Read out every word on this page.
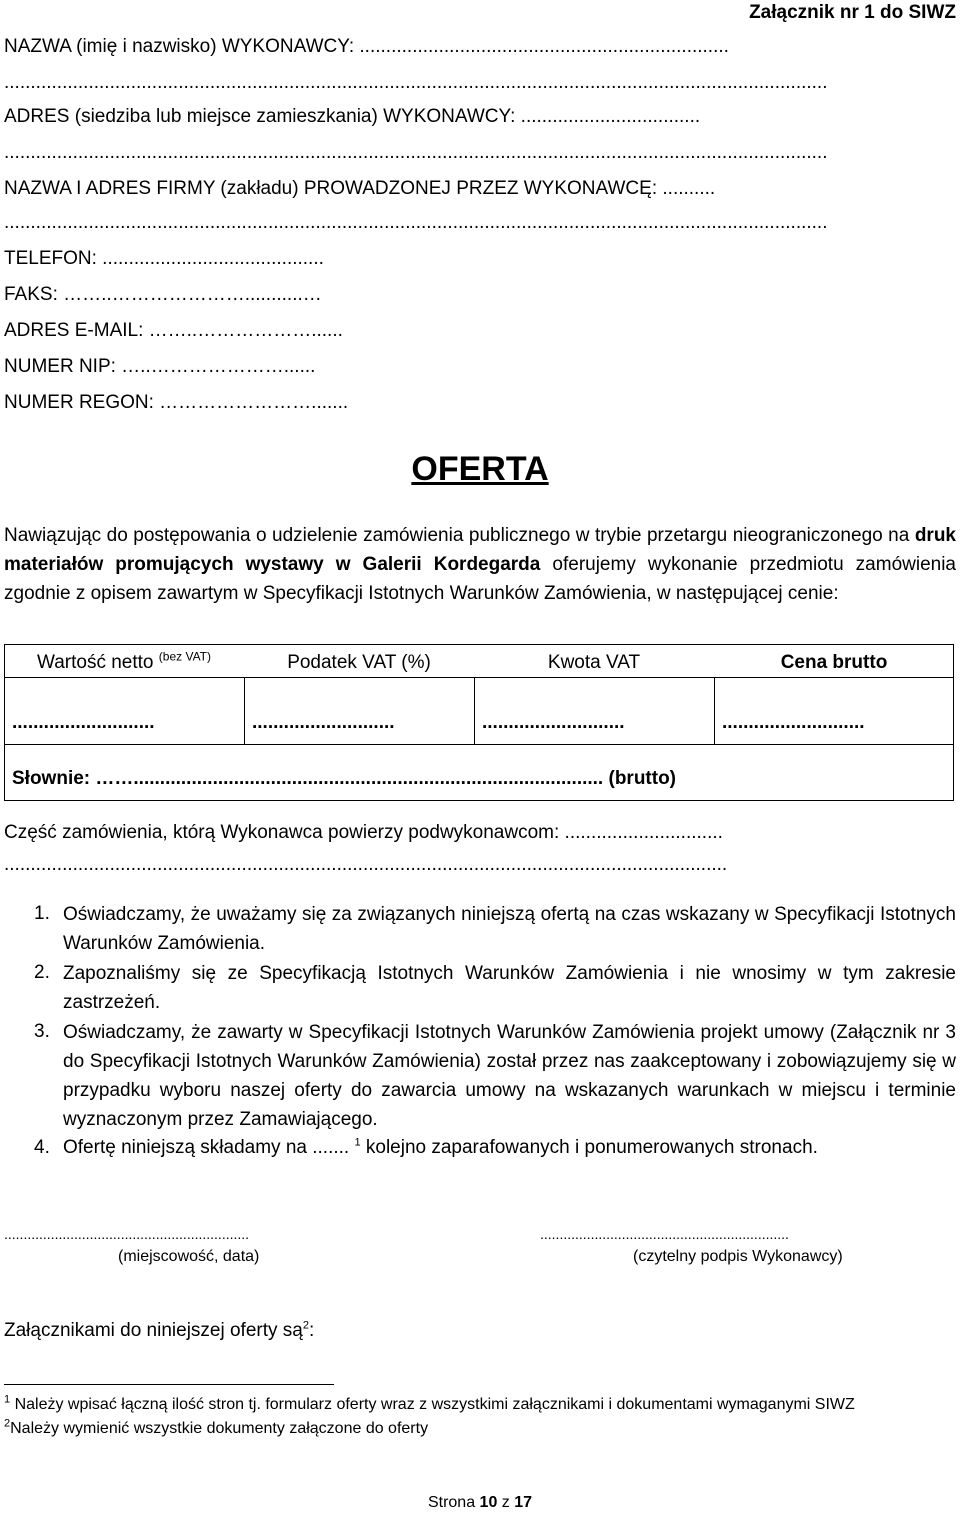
Załącznik nr 1 do SIWZ
NAZWA (imię i nazwisko) WYKONAWCY: ......................................................................
............................................................................................................................................................
ADRES (siedziba lub miejsce zamieszkania) WYKONAWCY: ..................................
............................................................................................................................................................
NAZWA I ADRES FIRMY (zakładu) PROWADZONEJ PRZEZ WYKONAWCĘ: ..........
............................................................................................................................................................
TELEFON: ..........................................
FAKS: ……..…………………...........…
ADRES E-MAIL: ……..………………......
NUMER NIP: …..…………………......
NUMER REGON: …………………….......
OFERTA
Nawiązując do postępowania o udzielenie zamówienia publicznego w trybie przetargu nieograniczonego na druk materiałów promujących wystawy w Galerii Kordegarda oferujemy wykonanie przedmiotu zamówienia zgodnie z opisem zawartym w Specyfikacji Istotnych Warunków Zamówienia, w następującej cenie:
Wartość netto $^{(bez VAT)}$	Podatek VAT (%)	Kwota VAT	Cena brutto
...........................	...........................	...........................	...........................
Słownie: ……......................................................................................... (brutto)
Część zamówienia, którą Wykonawca powierzy podwykonawcom: ..............................
.........................................................................................................................................
1. Oświadczamy, że uważamy się za związanych niniejszą ofertą na czas wskazany w Specyfikacji Istotnych Warunków Zamówienia.
2. Zapoznaliśmy się ze Specyfikacją Istotnych Warunków Zamówienia i nie wnosimy w tym zakresie zastrzeżeń.
3. Oświadczamy, że zawarty w Specyfikacji Istotnych Warunków Zamówienia projekt umowy (Załącznik nr 3 do Specyfikacji Istotnych Warunków Zamówienia) został przez nas zaakceptowany i zobowiązujemy się w przypadku wyboru naszej oferty do zawarcia umowy na wskazanych warunkach w miejscu i terminie wyznaczonym przez Zamawiającego.
4. Ofertę niniejszą składamy na ....... $^1$ kolejno zaparafowanych i ponumerowanych stronach.
...............................................................
(miejscowość, data)
................................................................
(czytelny podpis Wykonawcy)
Załącznikami do niniejszej oferty $są^2$:
$^1$ Należy wpisać łączną ilość stron tj. formularz oferty wraz z wszystkimi załącznikami i dokumentami wymaganymi SIWZ
$^2$Należy wymienić wszystkie dokumenty załączone do oferty
Strona 10 z 17
